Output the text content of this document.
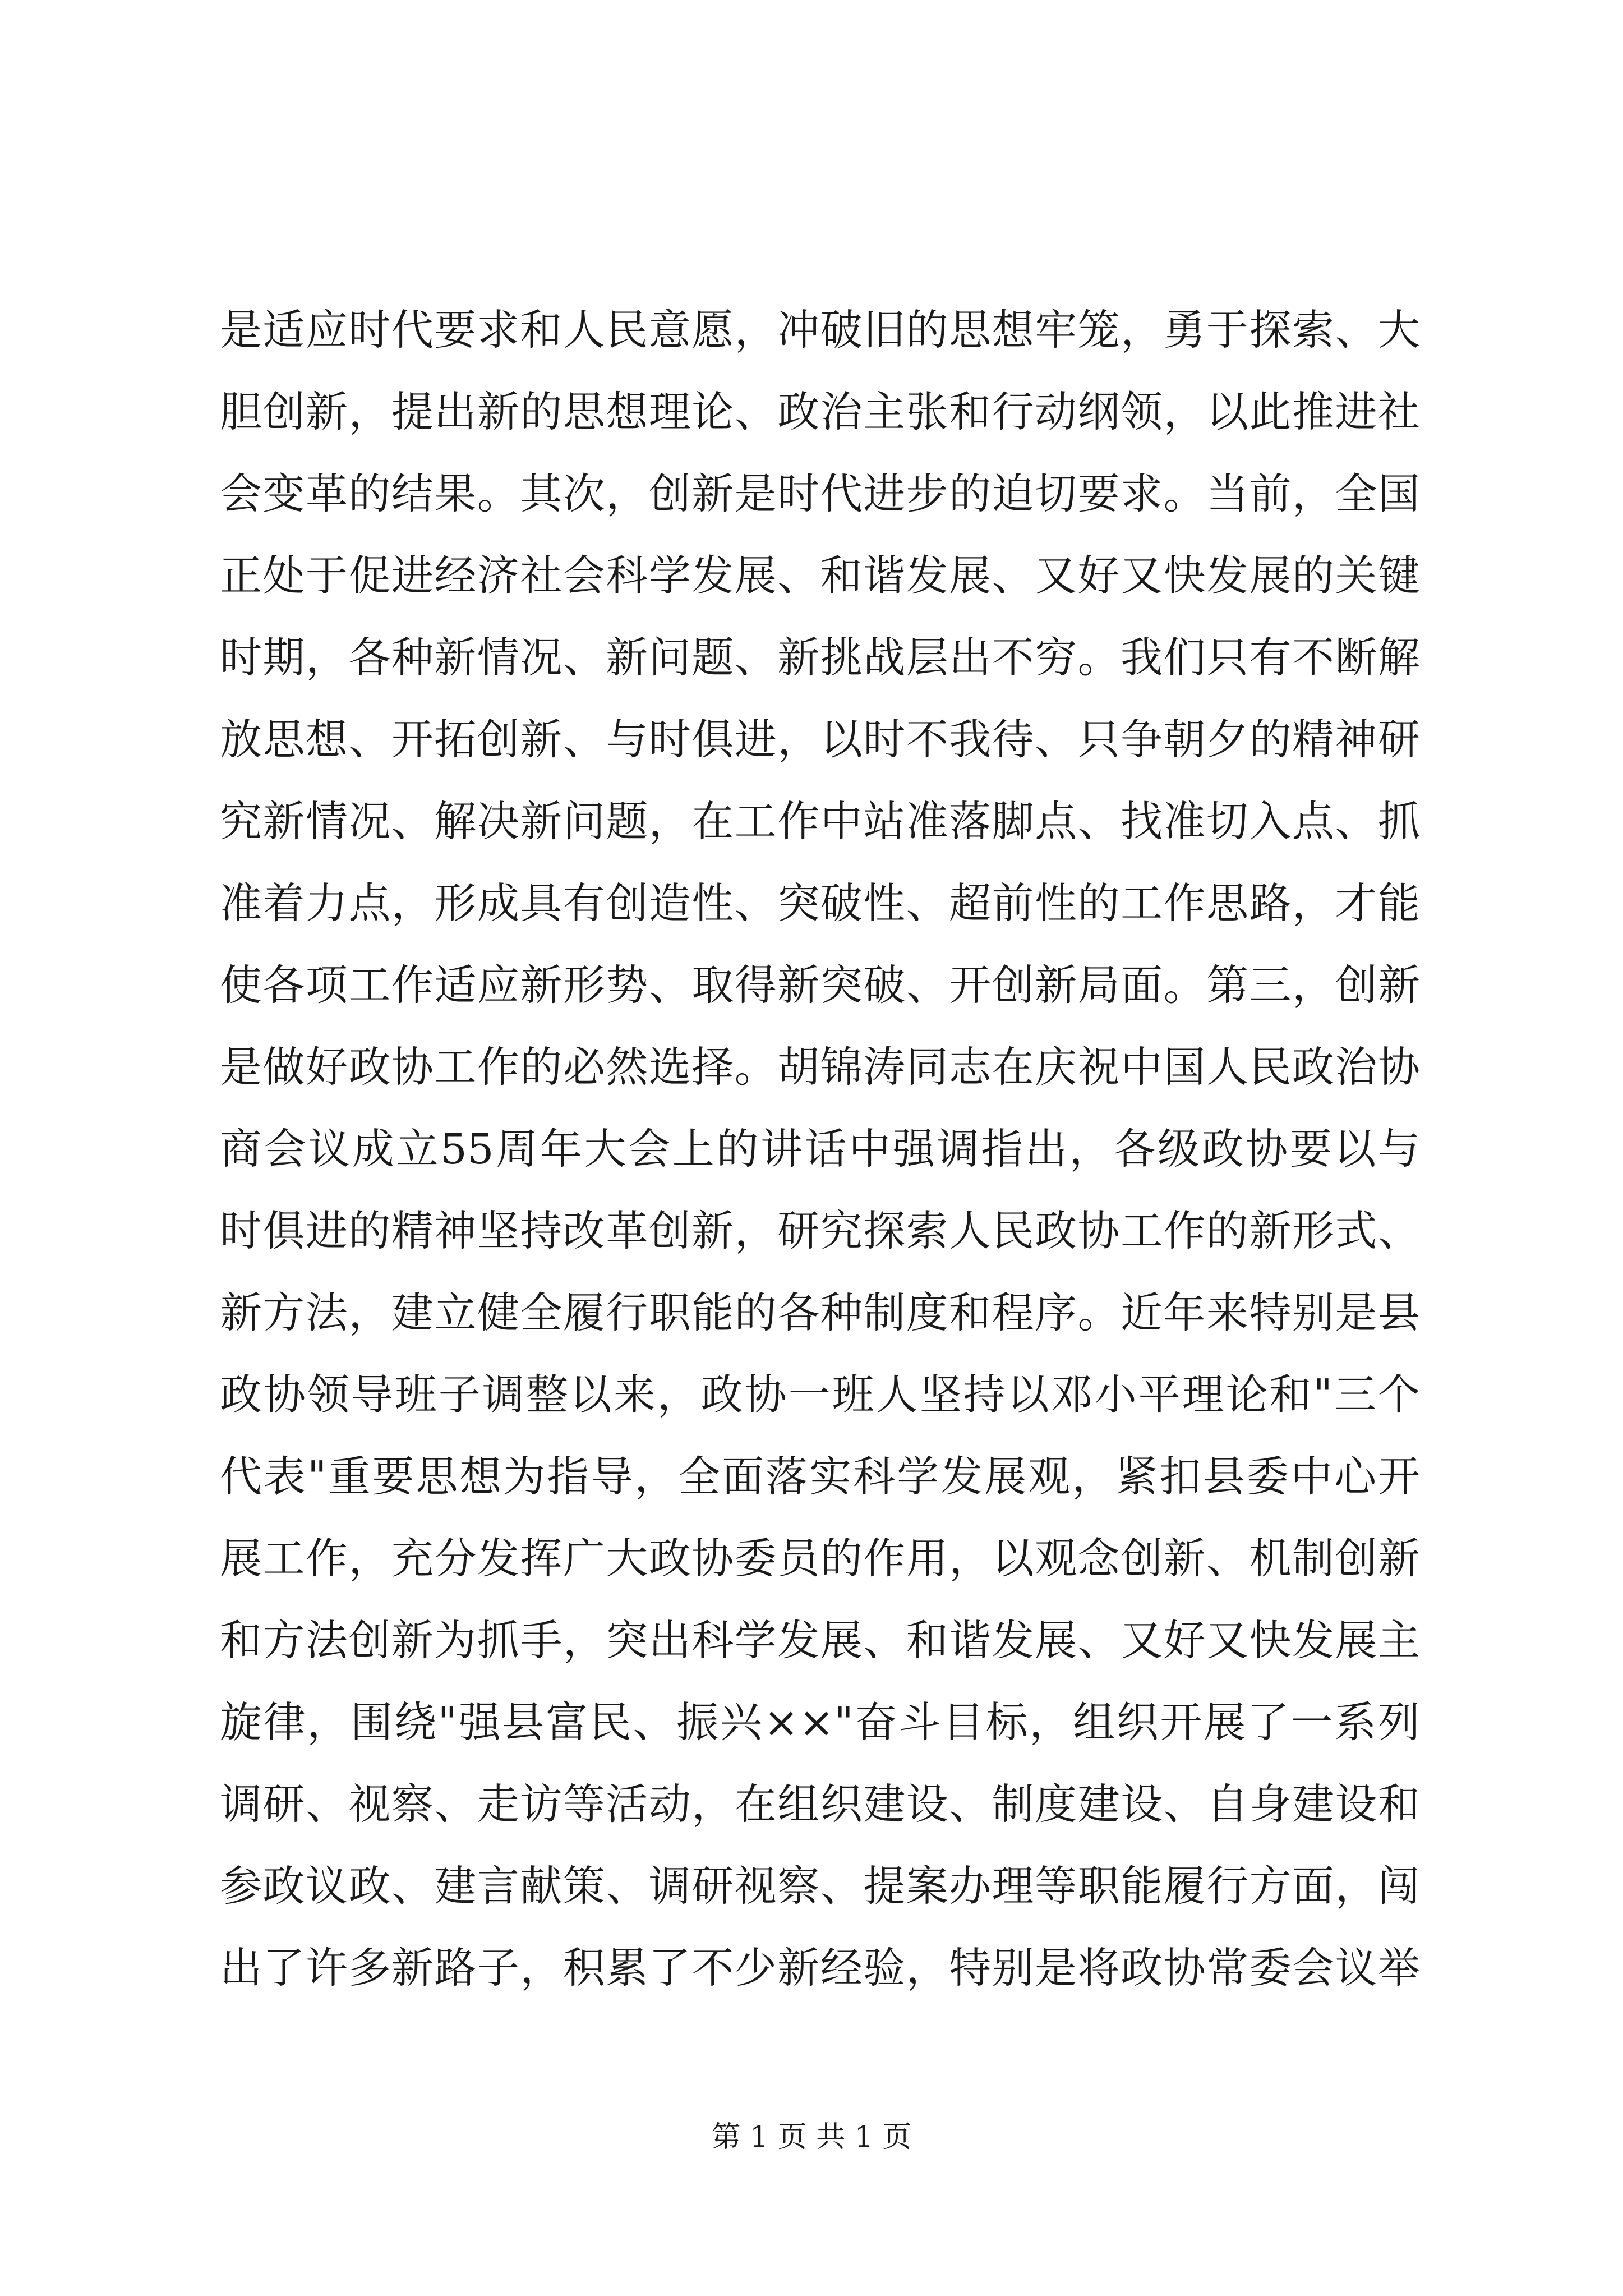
是适应时代要求和人民意愿，冲破旧的思想牢笼，勇于探索、大
胆创新，提出新的思想理论、政治主张和行动纲领，以此推进社
会变革的结果。其次，创新是时代进步的迫切要求。当前，全国
正处于促进经济社会科学发展、和谐发展、又好又快发展的关键
时期，各种新情况、新问题、新挑战层出不穷。我们只有不断解
放思想、开拓创新、与时俱进，以时不我待、只争朝夕的精神研
究新情况、解决新问题，在工作中站准落脚点、找准切入点、抓
准着力点，形成具有创造性、突破性、超前性的工作思路，才能
使各项工作适应新形势、取得新突破、开创新局面。第三，创新
是做好政协工作的必然选择。胡锦涛同志在庆祝中国人民政治协
商会议成立55周年大会上的讲话中强调指出，各级政协要以与
时俱进的精神坚持改革创新，研究探索人民政协工作的新形式、
新方法，建立健全履行职能的各种制度和程序。近年来特别是县
政协领导班子调整以来，政协一班人坚持以邓小平理论和"三个
代表"重要思想为指导，全面落实科学发展观，紧扣县委中心开
展工作，充分发挥广大政协委员的作用，以观念创新、机制创新
和方法创新为抓手，突出科学发展、和谐发展、又好又快发展主
旋律，围绕"强县富民、振兴××"奋斗目标，组织开展了一系列
调研、视察、走访等活动，在组织建设、制度建设、自身建设和
参政议政、建言献策、调研视察、提案办理等职能履行方面，闯
出了许多新路子，积累了不少新经验，特别是将政协常委会议举
第 1 页 共 1 页
